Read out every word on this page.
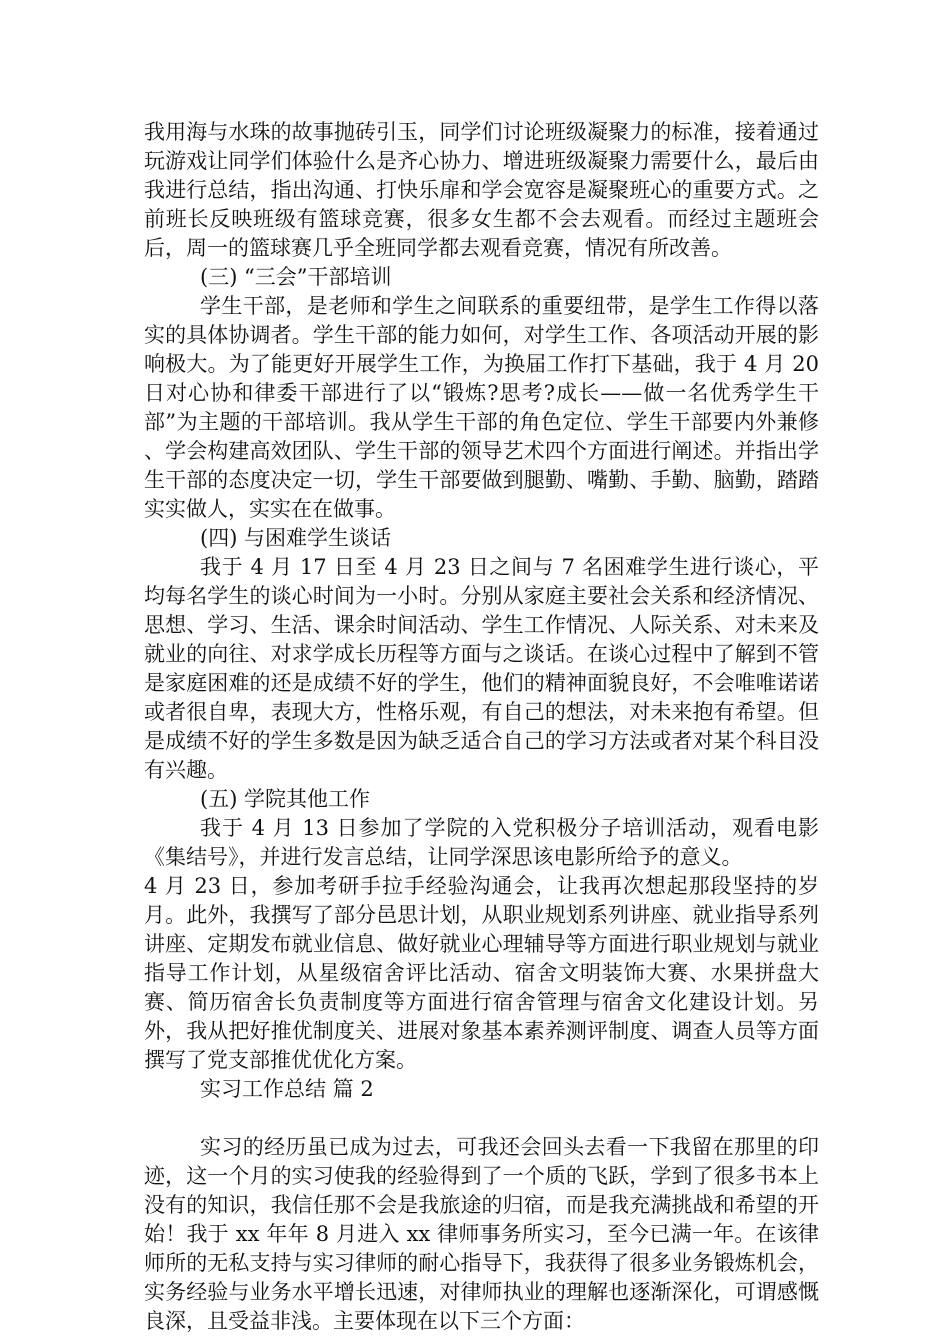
我用海与水珠的故事抛砖引玉，同学们讨论班级凝聚力的标准，接着通过玩游戏让同学们体验什么是齐心协力、增进班级凝聚力需要什么，最后由我进行总结，指出沟通、打快乐扉和学会宽容是凝聚班心的重要方式。之前班长反映班级有篮球竞赛，很多女生都不会去观看。而经过主题班会后，周一的篮球赛几乎全班同学都去观看竞赛，情况有所改善。

(三) “三会”干部培训

学生干部，是老师和学生之间联系的重要纽带，是学生工作得以落实的具体协调者。学生干部的能力如何，对学生工作、各项活动开展的影响极大。为了能更好开展学生工作，为换届工作打下基础，我于 4 月 20 日对心协和律委干部进行了以“锻炼?思考?成长——做一名优秀学生干部”为主题的干部培训。我从学生干部的角色定位、学生干部要内外兼修 、学会构建高效团队、学生干部的领导艺术四个方面进行阐述。并指出学生干部的态度决定一切，学生干部要做到腿勤、嘴勤、手勤、脑勤，踏踏实实做人，实实在在做事。

(四) 与困难学生谈话

我于 4 月 17 日至 4 月 23 日之间与 7 名困难学生进行谈心，平均每名学生的谈心时间为一小时。分别从家庭主要社会关系和经济情况、思想、学习、生活、课余时间活动、学生工作情况、人际关系、对未来及就业的向往、对求学成长历程等方面与之谈话。在谈心过程中了解到不管是家庭困难的还是成绩不好的学生，他们的精神面貌良好，不会唯唯诺诺或者很自卑，表现大方，性格乐观，有自己的想法，对未来抱有希望。但是成绩不好的学生多数是因为缺乏适合自己的学习方法或者对某个科目没有兴趣。

(五) 学院其他工作

我于 4 月 13 日参加了学院的入党积极分子培训活动，观看电影《集结号》，并进行发言总结，让同学深思该电影所给予的意义。

4 月 23 日，参加考研手拉手经验沟通会，让我再次想起那段坚持的岁月。此外，我撰写了部分邑思计划，从职业规划系列讲座、就业指导系列讲座、定期发布就业信息、做好就业心理辅导等方面进行职业规划与就业指导工作计划，从星级宿舍评比活动、宿舍文明装饰大赛、水果拼盘大赛、简历宿舍长负责制度等方面进行宿舍管理与宿舍文化建设计划。另外，我从把好推优制度关、进展对象基本素养测评制度、调查人员等方面撰写了党支部推优优化方案。

实习工作总结 篇 2

实习的经历虽已成为过去，可我还会回头去看一下我留在那里的印迹，这一个月的实习使我的经验得到了一个质的飞跃，学到了很多书本上没有的知识，我信任那不会是我旅途的归宿，而是我充满挑战和希望的开始！我于 xx 年年 8 月进入 xx 律师事务所实习，至今已满一年。在该律师所的无私支持与实习律师的耐心指导下，我获得了很多业务锻炼机会，实务经验与业务水平增长迅速，对律师执业的理解也逐渐深化，可谓感慨良深，且受益非浅。主要体现在以下三个方面：
